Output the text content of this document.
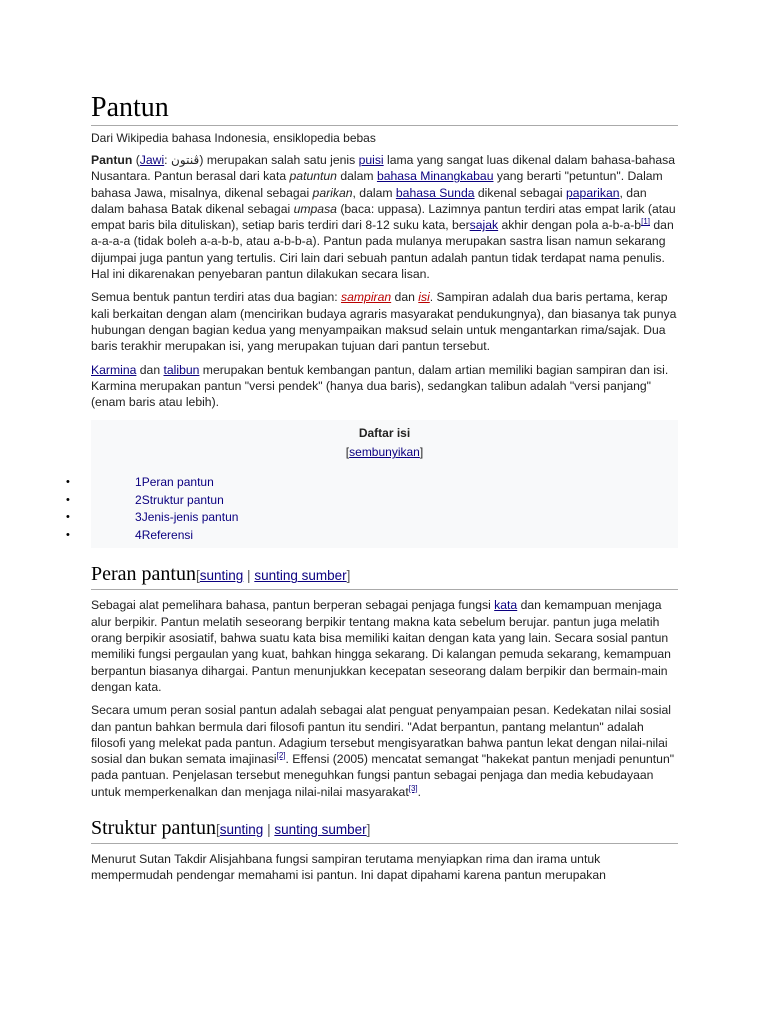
Pantun
Dari Wikipedia bahasa Indonesia, ensiklopedia bebas

Pantun (Jawi: ڤنتون) merupakan salah satu jenis puisi lama yang sangat luas dikenal dalam bahasa-bahasa Nusantara. Pantun berasal dari kata patuntun dalam bahasa Minangkabau yang berarti "petuntun". Dalam bahasa Jawa, misalnya, dikenal sebagai parikan, dalam bahasa Sunda dikenal sebagai paparikan, dan dalam bahasa Batak dikenal sebagai umpasa (baca: uppasa). Lazimnya pantun terdiri atas empat larik (atau empat baris bila dituliskan), setiap baris terdiri dari 8-12 suku kata, bersajak akhir dengan pola a-b-a-b[1] dan a-a-a-a (tidak boleh a-a-b-b, atau a-b-b-a). Pantun pada mulanya merupakan sastra lisan namun sekarang dijumpai juga pantun yang tertulis. Ciri lain dari sebuah pantun adalah pantun tidak terdapat nama penulis. Hal ini dikarenakan penyebaran pantun dilakukan secara lisan.

Semua bentuk pantun terdiri atas dua bagian: sampiran dan isi. Sampiran adalah dua baris pertama, kerap kali berkaitan dengan alam (mencirikan budaya agraris masyarakat pendukungnya), dan biasanya tak punya hubungan dengan bagian kedua yang menyampaikan maksud selain untuk mengantarkan rima/sajak. Dua baris terakhir merupakan isi, yang merupakan tujuan dari pantun tersebut.

Karmina dan talibun merupakan bentuk kembangan pantun, dalam artian memiliki bagian sampiran dan isi. Karmina merupakan pantun "versi pendek" (hanya dua baris), sedangkan talibun adalah "versi panjang" (enam baris atau lebih).

Daftar isi
[sembunyikan]
•	1Peran pantun
•	2Struktur pantun
•	3Jenis-jenis pantun
•	4Referensi
Peran pantun[sunting | sunting sumber]

Sebagai alat pemelihara bahasa, pantun berperan sebagai penjaga fungsi kata dan kemampuan menjaga alur berpikir. Pantun melatih seseorang berpikir tentang makna kata sebelum berujar. pantun juga melatih orang berpikir asosiatif, bahwa suatu kata bisa memiliki kaitan dengan kata yang lain. Secara sosial pantun memiliki fungsi pergaulan yang kuat, bahkan hingga sekarang. Di kalangan pemuda sekarang, kemampuan berpantun biasanya dihargai. Pantun menunjukkan kecepatan seseorang dalam berpikir dan bermain-main dengan kata.

Secara umum peran sosial pantun adalah sebagai alat penguat penyampaian pesan. Kedekatan nilai sosial dan pantun bahkan bermula dari filosofi pantun itu sendiri. "Adat berpantun, pantang melantun" adalah filosofi yang melekat pada pantun. Adagium tersebut mengisyaratkan bahwa pantun lekat dengan nilai-nilai sosial dan bukan semata imajinasi[2]. Effensi (2005) mencatat semangat "hakekat pantun menjadi penuntun" pada pantuan. Penjelasan tersebut meneguhkan fungsi pantun sebagai penjaga dan media kebudayaan untuk memperkenalkan dan menjaga nilai-nilai masyarakat[3].

Struktur pantun[sunting | sunting sumber]

Menurut Sutan Takdir Alisjahbana fungsi sampiran terutama menyiapkan rima dan irama untuk mempermudah pendengar memahami isi pantun. Ini dapat dipahami karena pantun merupakan
